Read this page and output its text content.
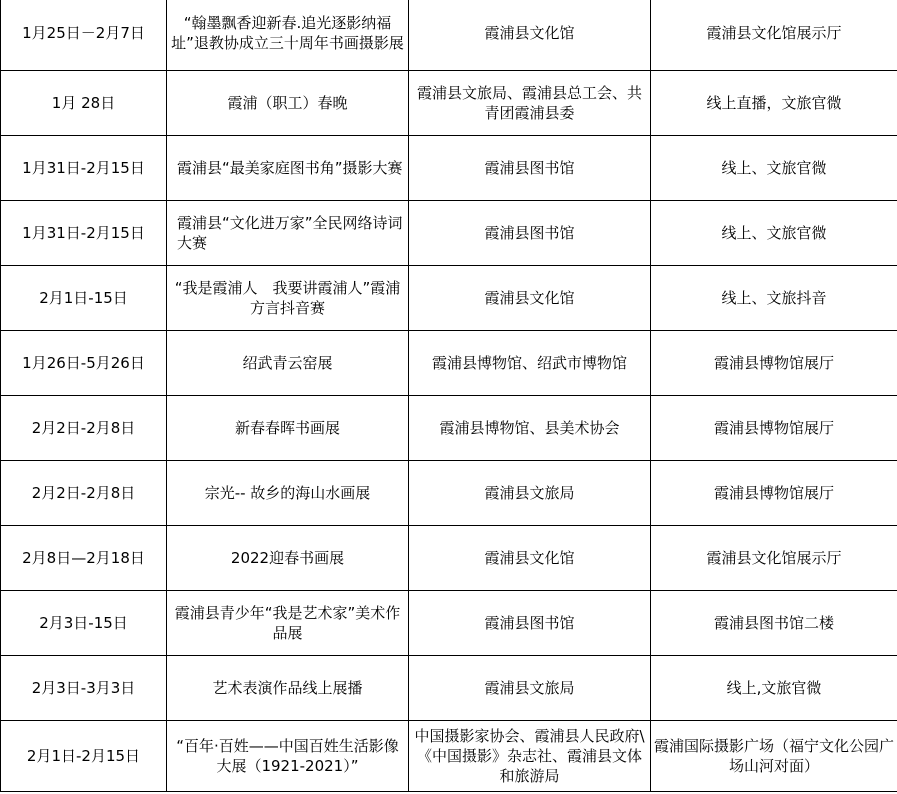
1月25日－2月7日	“翰墨飘香迎新春.追光逐影纳福址”退教协成立三十周年书画摄影展	霞浦县文化馆	霞浦县文化馆展示厅
1月 28日	霞浦（职工）春晚	霞浦县文旅局、霞浦县总工会、共青团霞浦县委	线上直播，文旅官微
1月31日-2月15日	霞浦县“最美家庭图书角”摄影大赛	霞浦县图书馆	线上、文旅官微
1月31日-2月15日	霞浦县“文化进万家”全民网络诗词大赛	霞浦县图书馆	线上、文旅官微
2月1日-15日	“我是霞浦人　我要讲霞浦人”霞浦方言抖音赛	霞浦县文化馆	线上、文旅抖音
1月26日-5月26日	绍武青云窑展	霞浦县博物馆、绍武市博物馆	霞浦县博物馆展厅
2月2日-2月8日	新春春晖书画展	霞浦县博物馆、县美术协会	霞浦县博物馆展厅
2月2日-2月8日	宗光-- 故乡的海山水画展	霞浦县文旅局	霞浦县博物馆展厅
2月8日—2月18日	2022迎春书画展	霞浦县文化馆	霞浦县文化馆展示厅
2月3日-15日	霞浦县青少年“我是艺术家”美术作品展	霞浦县图书馆	霞浦县图书馆二楼
2月3日-3月3日	艺术表演作品线上展播	霞浦县文旅局	线上,文旅官微
2月1日-2月15日	“百年·百姓——中国百姓生活影像大展（1921-2021）”	中国摄影家协会、霞浦县人民政府\《中国摄影》杂志社、霞浦县文体和旅游局	霞浦国际摄影广场（福宁文化公园广场山河对面）
